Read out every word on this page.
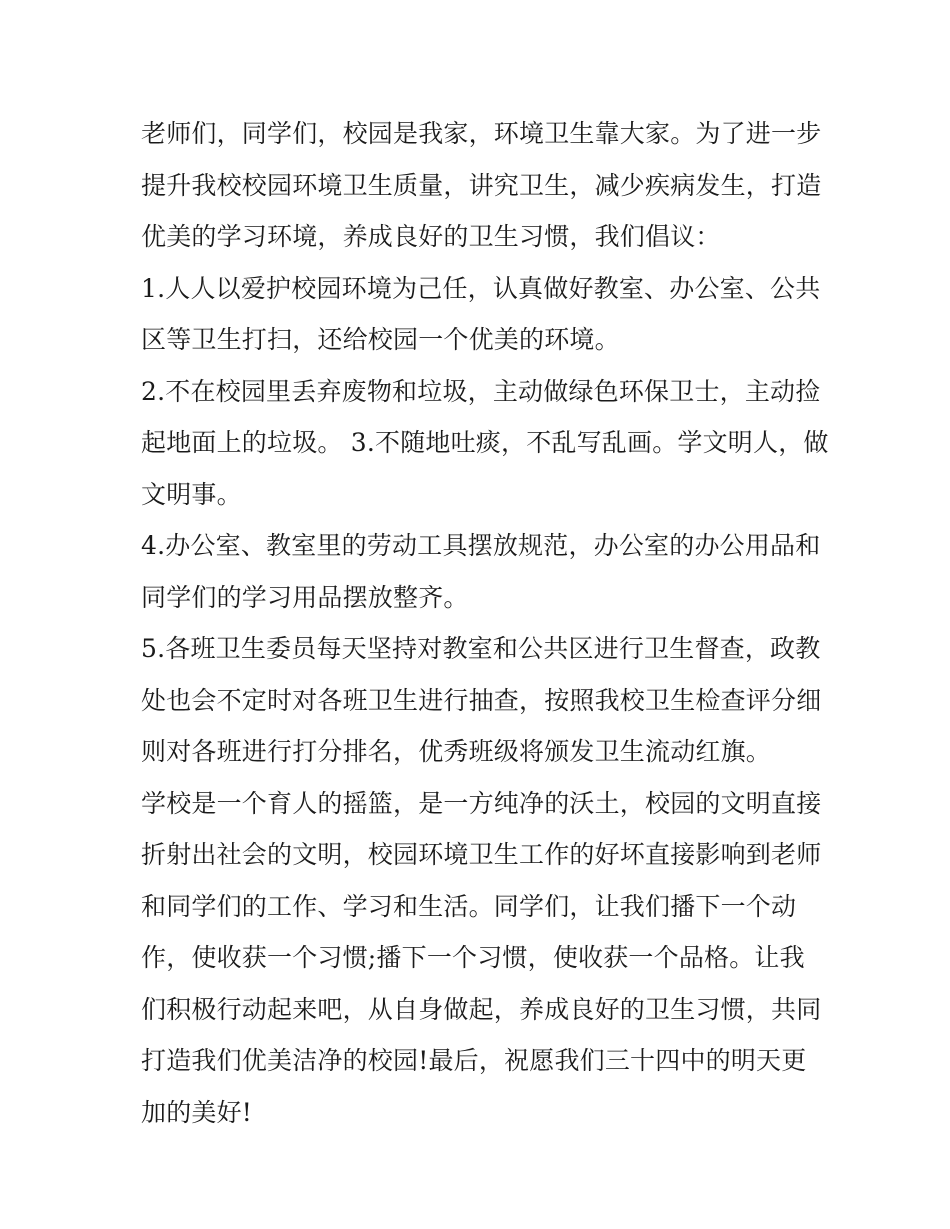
老师们，同学们，校园是我家，环境卫生靠大家。为了进一步
提升我校校园环境卫生质量，讲究卫生，减少疾病发生，打造
优美的学习环境，养成良好的卫生习惯，我们倡议：
1.人人以爱护校园环境为己任，认真做好教室、办公室、公共
区等卫生打扫，还给校园一个优美的环境。
2.不在校园里丢弃废物和垃圾，主动做绿色环保卫士，主动捡
起地面上的垃圾。 3.不随地吐痰，不乱写乱画。学文明人，做
文明事。
4.办公室、教室里的劳动工具摆放规范，办公室的办公用品和
同学们的学习用品摆放整齐。
5.各班卫生委员每天坚持对教室和公共区进行卫生督查，政教
处也会不定时对各班卫生进行抽查，按照我校卫生检查评分细
则对各班进行打分排名，优秀班级将颁发卫生流动红旗。
学校是一个育人的摇篮，是一方纯净的沃土，校园的文明直接
折射出社会的文明，校园环境卫生工作的好坏直接影响到老师
和同学们的工作、学习和生活。同学们，让我们播下一个动
作，使收获一个习惯;播下一个习惯，使收获一个品格。让我
们积极行动起来吧，从自身做起，养成良好的卫生习惯，共同
打造我们优美洁净的校园!最后，祝愿我们三十四中的明天更
加的美好!
